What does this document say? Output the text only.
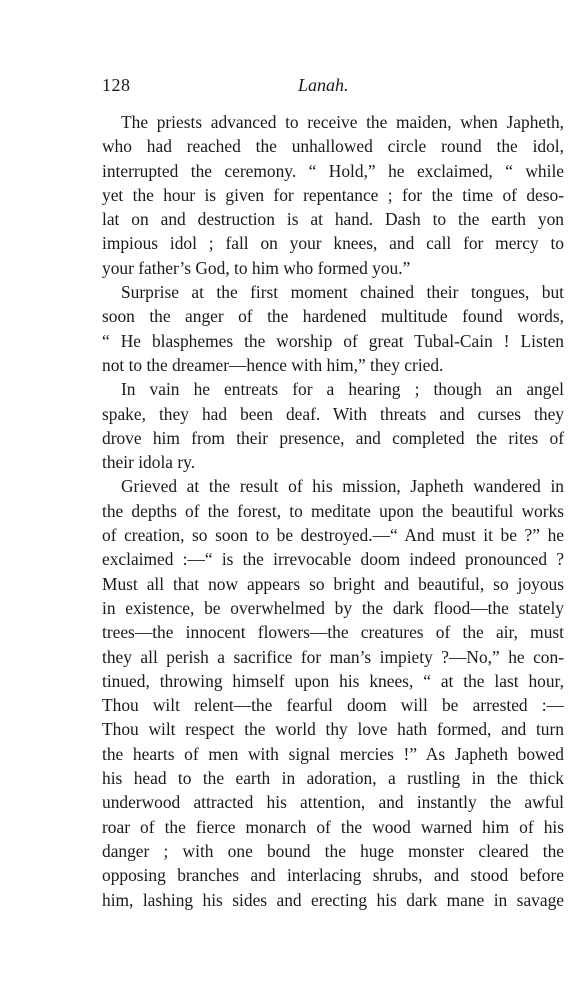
128	Lanah.
The priests advanced to receive the maiden, when Japheth,
who had reached the unhallowed circle round the idol,
interrupted the ceremony. “ Hold,” he exclaimed, “ while
yet the hour is given for repentance ; for the time of deso-
lat on and destruction is at hand. Dash to the earth yon
impious idol ; fall on your knees, and call for mercy to
your father’s God, to him who formed you.”
Surprise at the first moment chained their tongues, but
soon the anger of the hardened multitude found words,
“ He blasphemes the worship of great Tubal-Cain ! Listen
not to the dreamer—hence with him,” they cried.
In vain he entreats for a hearing ; though an angel
spake, they had been deaf. With threats and curses they
drove him from their presence, and completed the rites of
their idola ry.
Grieved at the result of his mission, Japheth wandered in
the depths of the forest, to meditate upon the beautiful works
of creation, so soon to be destroyed.—“ And must it be ?” he
exclaimed :—“ is the irrevocable doom indeed pronounced ?
Must all that now appears so bright and beautiful, so joyous
in existence, be overwhelmed by the dark flood—the stately
trees—the innocent flowers—the creatures of the air, must
they all perish a sacrifice for man’s impiety ?—No,” he con-
tinued, throwing himself upon his knees, “ at the last hour,
Thou wilt relent—the fearful doom will be arrested :—
Thou wilt respect the world thy love hath formed, and turn
the hearts of men with signal mercies !” As Japheth bowed
his head to the earth in adoration, a rustling in the thick
underwood attracted his attention, and instantly the awful
roar of the fierce monarch of the wood warned him of his
danger ; with one bound the huge monster cleared the
opposing branches and interlacing shrubs, and stood before
him, lashing his sides and erecting his dark mane in savage
